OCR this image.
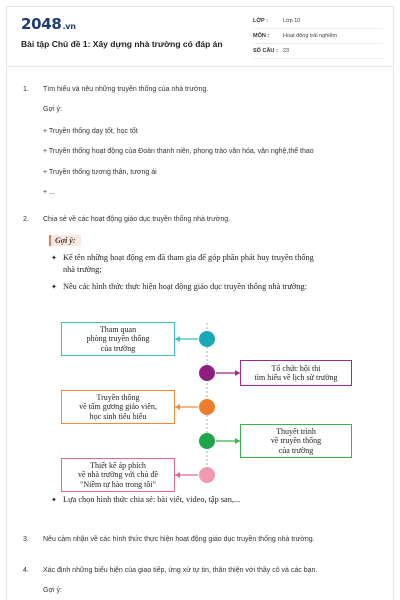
2048.vn
Bài tập Chủ đề 1: Xây dựng nhà trường có đáp án
LỚP :	Lớp 10
MÔN :	Hoạt động trải nghiệm
SỐ CÂU : 23
1. Tìm hiểu và nêu những truyền thống của nhà trường.
Gợi ý:
+ Truyền thống dạy tốt, học tốt
+ Truyền thống hoạt động của Đoàn thanh niên, phong trào văn hóa, văn nghệ,thể thao
+ Truyền thống tương thân, tương ái
+ ...
2. Chia sẻ về các hoạt động giáo dục truyền thống nhà trường.
Gợi ý:
✦ Kể tên những hoạt động em đã tham gia để góp phần phát huy truyền thống
nhà trường;
✦ Nêu các hình thức thực hiện hoạt động giáo dục truyền thống nhà trường:
Tham quan
phòng truyền thống
của trường
Tổ chức hội thi
tìm hiểu về lịch sử trường
Truyền thông
về tấm gương giáo viên,
học sinh tiêu biểu
Thuyết trình
về truyền thống
của trường
Thiết kế áp phích
về nhà trường với chủ đề
"Niềm tự hào trong tôi"
✦ Lựa chọn hình thức chia sẻ: bài viết, video, tập san,...
3. Nêu cảm nhận về các hình thức thực hiện hoạt động giáo dục truyền thống nhà trường.
4. Xác định những biểu hiện của giao tiếp, ứng xử tự tin, thân thiện với thầy cô và các bạn.
Gợi ý:
